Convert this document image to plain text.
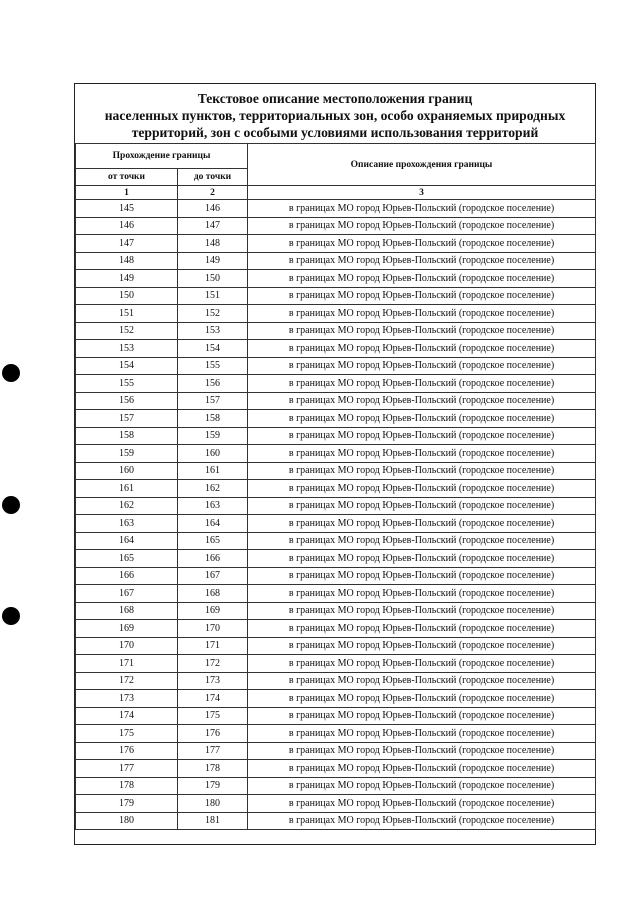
Текстовое описание местоположения границ
населенных пунктов, территориальных зон, особо охраняемых природных
территорий, зон с особыми условиями использования территорий
Прохождение границы		Описание прохождения границы
от точки	до точки	
1	2	3
145	146	в границах МО город Юрьев-Польский (городское поселение)
146	147	в границах МО город Юрьев-Польский (городское поселение)
147	148	в границах МО город Юрьев-Польский (городское поселение)
148	149	в границах МО город Юрьев-Польский (городское поселение)
149	150	в границах МО город Юрьев-Польский (городское поселение)
150	151	в границах МО город Юрьев-Польский (городское поселение)
151	152	в границах МО город Юрьев-Польский (городское поселение)
152	153	в границах МО город Юрьев-Польский (городское поселение)
153	154	в границах МО город Юрьев-Польский (городское поселение)
154	155	в границах МО город Юрьев-Польский (городское поселение)
155	156	в границах МО город Юрьев-Польский (городское поселение)
156	157	в границах МО город Юрьев-Польский (городское поселение)
157	158	в границах МО город Юрьев-Польский (городское поселение)
158	159	в границах МО город Юрьев-Польский (городское поселение)
159	160	в границах МО город Юрьев-Польский (городское поселение)
160	161	в границах МО город Юрьев-Польский (городское поселение)
161	162	в границах МО город Юрьев-Польский (городское поселение)
162	163	в границах МО город Юрьев-Польский (городское поселение)
163	164	в границах МО город Юрьев-Польский (городское поселение)
164	165	в границах МО город Юрьев-Польский (городское поселение)
165	166	в границах МО город Юрьев-Польский (городское поселение)
166	167	в границах МО город Юрьев-Польский (городское поселение)
167	168	в границах МО город Юрьев-Польский (городское поселение)
168	169	в границах МО город Юрьев-Польский (городское поселение)
169	170	в границах МО город Юрьев-Польский (городское поселение)
170	171	в границах МО город Юрьев-Польский (городское поселение)
171	172	в границах МО город Юрьев-Польский (городское поселение)
172	173	в границах МО город Юрьев-Польский (городское поселение)
173	174	в границах МО город Юрьев-Польский (городское поселение)
174	175	в границах МО город Юрьев-Польский (городское поселение)
175	176	в границах МО город Юрьев-Польский (городское поселение)
176	177	в границах МО город Юрьев-Польский (городское поселение)
177	178	в границах МО город Юрьев-Польский (городское поселение)
178	179	в границах МО город Юрьев-Польский (городское поселение)
179	180	в границах МО город Юрьев-Польский (городское поселение)
180	181	в границах МО город Юрьев-Польский (городское поселение)
